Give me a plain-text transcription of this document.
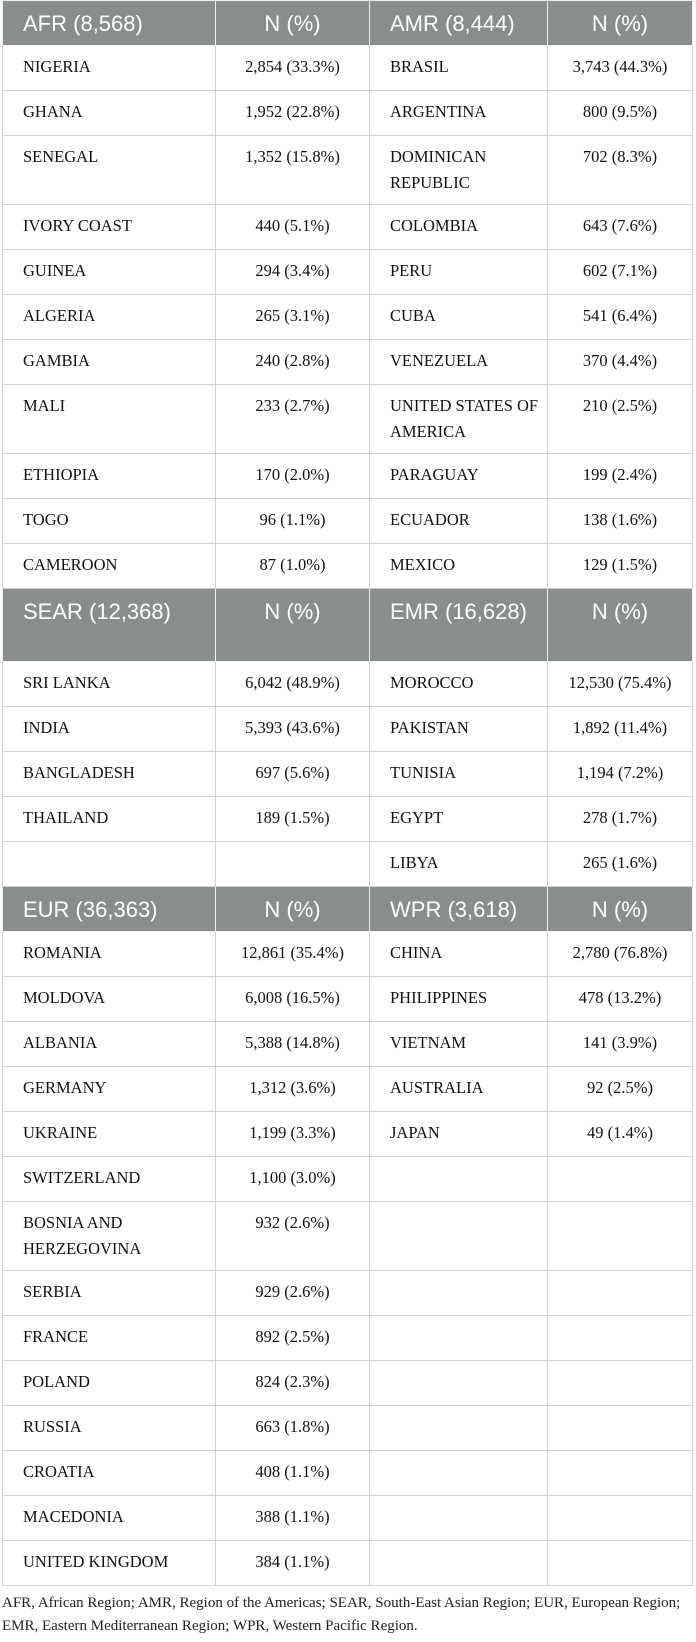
AFR (8,568)	N (%)	AMR (8,444)	N (%)
NIGERIA	2,854 (33.3%)	BRASIL	3,743 (44.3%)
GHANA	1,952 (22.8%)	ARGENTINA	800 (9.5%)
SENEGAL	1,352 (15.8%)	DOMINICAN REPUBLIC	702 (8.3%)
IVORY COAST	440 (5.1%)	COLOMBIA	643 (7.6%)
GUINEA	294 (3.4%)	PERU	602 (7.1%)
ALGERIA	265 (3.1%)	CUBA	541 (6.4%)
GAMBIA	240 (2.8%)	VENEZUELA	370 (4.4%)
MALI	233 (2.7%)	UNITED STATES OF AMERICA	210 (2.5%)
ETHIOPIA	170 (2.0%)	PARAGUAY	199 (2.4%)
TOGO	96 (1.1%)	ECUADOR	138 (1.6%)
CAMEROON	87 (1.0%)	MEXICO	129 (1.5%)
SEAR (12,368)	N (%)	EMR (16,628)	N (%)
SRI LANKA	6,042 (48.9%)	MOROCCO	12,530 (75.4%)
INDIA	5,393 (43.6%)	PAKISTAN	1,892 (11.4%)
BANGLADESH	697 (5.6%)	TUNISIA	1,194 (7.2%)
THAILAND	189 (1.5%)	EGYPT	278 (1.7%)
		LIBYA	265 (1.6%)
EUR (36,363)	N (%)	WPR (3,618)	N (%)
ROMANIA	12,861 (35.4%)	CHINA	2,780 (76.8%)
MOLDOVA	6,008 (16.5%)	PHILIPPINES	478 (13.2%)
ALBANIA	5,388 (14.8%)	VIETNAM	141 (3.9%)
GERMANY	1,312 (3.6%)	AUSTRALIA	92 (2.5%)
UKRAINE	1,199 (3.3%)	JAPAN	49 (1.4%)
SWITZERLAND	1,100 (3.0%)		
BOSNIA AND HERZEGOVINA	932 (2.6%)		
SERBIA	929 (2.6%)		
FRANCE	892 (2.5%)		
POLAND	824 (2.3%)		
RUSSIA	663 (1.8%)		
CROATIA	408 (1.1%)		
MACEDONIA	388 (1.1%)		
UNITED KINGDOM	384 (1.1%)		
AFR, African Region; AMR, Region of the Americas; SEAR, South-East Asian Region; EUR, European Region; EMR, Eastern Mediterranean Region; WPR, Western Pacific Region.
